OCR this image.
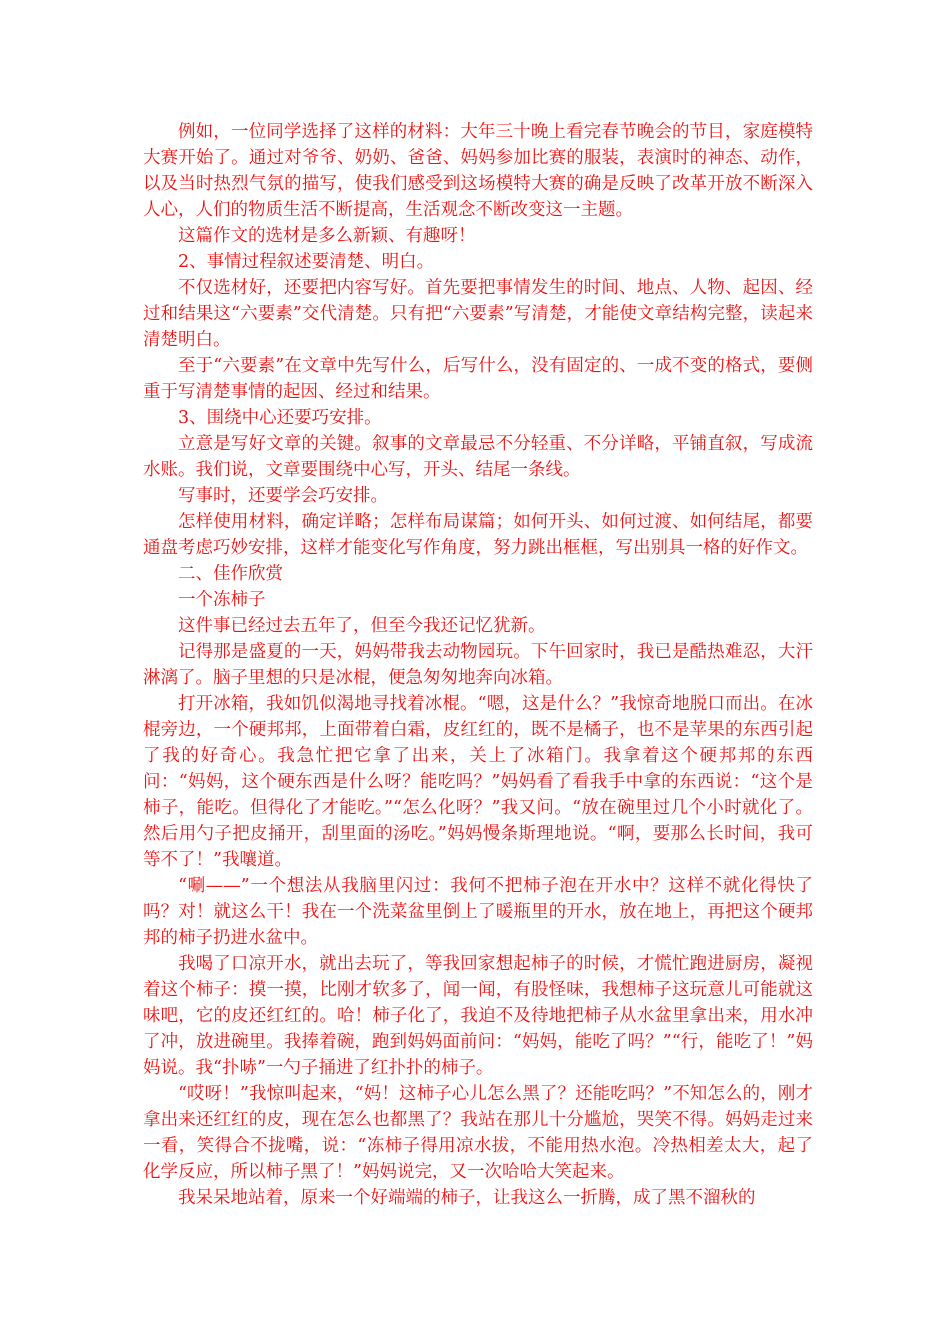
例如，一位同学选择了这样的材料：大年三十晚上看完春节晚会的节目，家庭模特大赛开始了。通过对爷爷、奶奶、爸爸、妈妈参加比赛的服装，表演时的神态、动作，以及当时热烈气氛的描写，使我们感受到这场模特大赛的确是反映了改革开放不断深入人心，人们的物质生活不断提高，生活观念不断改变这一主题。

这篇作文的选材是多么新颖、有趣呀！

2、事情过程叙述要清楚、明白。

不仅选材好，还要把内容写好。首先要把事情发生的时间、地点、人物、起因、经过和结果这“六要素”交代清楚。只有把“六要素”写清楚，才能使文章结构完整，读起来清楚明白。

至于“六要素”在文章中先写什么，后写什么，没有固定的、一成不变的格式，要侧重于写清楚事情的起因、经过和结果。

3、围绕中心还要巧安排。

立意是写好文章的关键。叙事的文章最忌不分轻重、不分详略，平铺直叙，写成流水账。我们说，文章要围绕中心写，开头、结尾一条线。

写事时，还要学会巧安排。

怎样使用材料，确定详略；怎样布局谋篇；如何开头、如何过渡、如何结尾，都要通盘考虑巧妙安排，这样才能变化写作角度，努力跳出框框，写出别具一格的好作文。

二、佳作欣赏

一个冻柿子

这件事已经过去五年了，但至今我还记忆犹新。

记得那是盛夏的一天，妈妈带我去动物园玩。下午回家时，我已是酷热难忍，大汗淋漓了。脑子里想的只是冰棍，便急匆匆地奔向冰箱。

打开冰箱，我如饥似渴地寻找着冰棍。“嗯，这是什么？”我惊奇地脱口而出。在冰棍旁边，一个硬邦邦，上面带着白霜，皮红红的，既不是橘子，也不是苹果的东西引起了我的好奇心。我急忙把它拿了出来，关上了冰箱门。我拿着这个硬邦邦的东西问：“妈妈，这个硬东西是什么呀？能吃吗？”妈妈看了看我手中拿的东西说：“这个是柿子，能吃。但得化了才能吃。”“怎么化呀？”我又问。“放在碗里过几个小时就化了。然后用勺子把皮捅开，刮里面的汤吃。”妈妈慢条斯理地说。“啊，要那么长时间，我可等不了！”我嚷道。

“唰——”一个想法从我脑里闪过：我何不把柿子泡在开水中？这样不就化得快了吗？对！就这么干！我在一个洗菜盆里倒上了暖瓶里的开水，放在地上，再把这个硬邦邦的柿子扔进水盆中。

我喝了口凉开水，就出去玩了，等我回家想起柿子的时候，才慌忙跑进厨房，凝视着这个柿子：摸一摸，比刚才软多了，闻一闻，有股怪味，我想柿子这玩意儿可能就这味吧，它的皮还红红的。哈！柿子化了，我迫不及待地把柿子从水盆里拿出来，用水冲了冲，放进碗里。我捧着碗，跑到妈妈面前问：“妈妈，能吃了吗？”“行，能吃了！”妈妈说。我“扑哧”一勺子捅进了红扑扑的柿子。

“哎呀！”我惊叫起来，“妈！这柿子心儿怎么黑了？还能吃吗？”不知怎么的，刚才拿出来还红红的皮，现在怎么也都黑了？我站在那儿十分尴尬，哭笑不得。妈妈走过来一看，笑得合不拢嘴，说：“冻柿子得用凉水拔，不能用热水泡。冷热相差太大，起了化学反应，所以柿子黑了！”妈妈说完，又一次哈哈大笑起来。

我呆呆地站着，原来一个好端端的柿子，让我这么一折腾，成了黑不溜秋的
